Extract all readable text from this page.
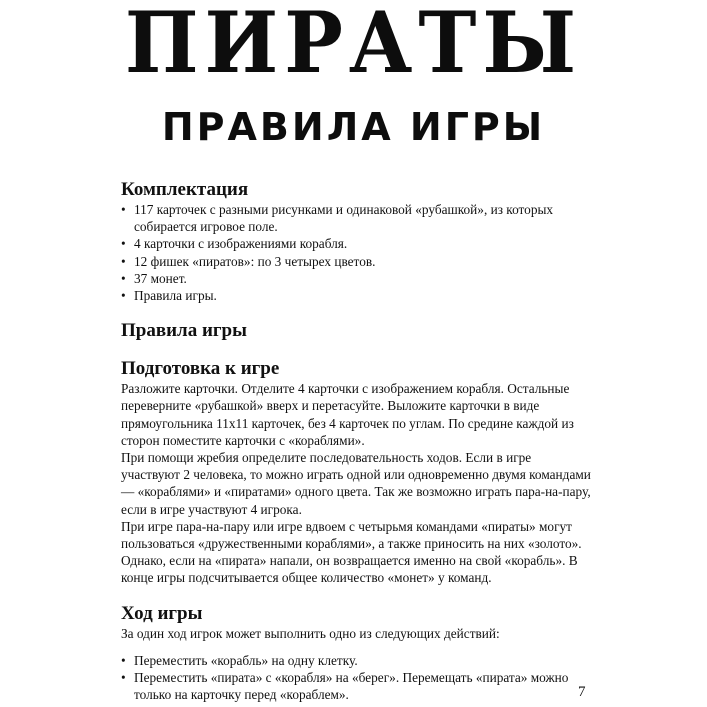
ПИРАТЫ
ПРАВИЛА ИГРЫ
Комплектация
• 117 карточек с разными рисунками и одинаковой «рубашкой», из которых собирается игровое поле.
• 4 карточки с изображениями корабля.
• 12 фишек «пиратов»: по 3 четырех цветов.
• 37 монет.
• Правила игры.
Правила игры
Подготовка к игре

Разложите карточки. Отделите 4 карточки с изображением корабля. Остальные переверните «рубашкой» вверх и перетасуйте. Выложите карточки в виде прямоугольника 11х11 карточек, без 4 карточек по углам. По средине каждой из сторон поместите карточки с «кораблями».

При помощи жребия определите последовательность ходов. Если в игре участвуют 2 человека, то можно играть одной или одновременно двумя командами — «кораблями» и «пиратами» одного цвета. Так же возможно играть пара-на-пару, если в игре участвуют 4 игрока.

При игре пара-на-пару или игре вдвоем с четырьмя командами «пираты» могут пользоваться «дружественными кораблями», а также приносить на них «золото». Однако, если на «пирата» напали, он возвращается именно на свой «корабль». В конце игры подсчитывается общее количество «монет» у команд.

Ход игры

За один ход игрок может выполнить одно из следующих действий:

• Переместить «корабль» на одну клетку.
• Переместить «пирата» с «корабля» на «берег». Перемещать «пирата» можно только на карточку перед «кораблем».	7
